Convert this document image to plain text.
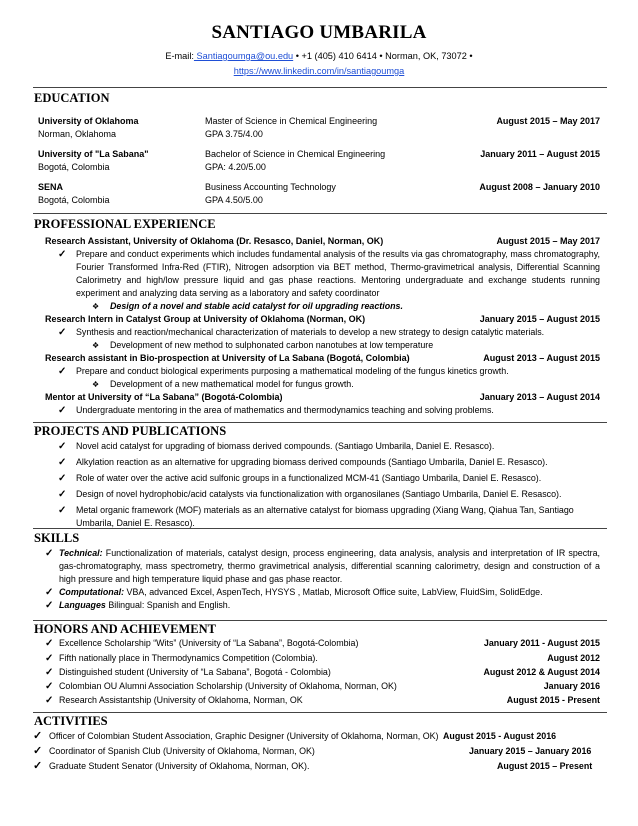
SANTIAGO UMBARILA
E-mail: Santiagoumga@ou.edu • +1 (405) 410 6414 • Norman, OK, 73072 •
https://www.linkedin.com/in/santiagoumga
EDUCATION
University of Oklahoma	Master of Science in Chemical Engineering	August 2015 – May 2017
Norman, Oklahoma	GPA 3.75/4.00
University of "La Sabana"	Bachelor of Science in Chemical Engineering	January 2011 – August 2015
Bogotá, Colombia	GPA: 4.20/5.00
SENA	Business Accounting Technology	August 2008 – January 2010
Bogotá, Colombia	GPA 4.50/5.00
PROFESSIONAL EXPERIENCE
Research Assistant, University of Oklahoma (Dr. Resasco, Daniel, Norman, OK)	August 2015 – May 2017
✓	Prepare and conduct experiments which includes fundamental analysis of the results via gas chromatography, mass chromatography, Fourier Transformed Infra-Red (FTIR), Nitrogen adsorption via BET method, Thermo-gravimetrical analysis, Differential Scanning Calorimetry and high/low pressure liquid and gas phase reactions. Mentoring undergraduate and exchange students running experiment and analyzing data serving as a laboratory and safety coordinator
❖ Design of a novel and stable acid catalyst for oil upgrading reactions.
Research Intern in Catalyst Group at University of Oklahoma (Norman, OK)	January 2015 – August 2015
✓ Synthesis and reaction/mechanical characterization of materials to develop a new strategy to design catalytic materials.
❖ Development of new method to sulphonated carbon nanotubes at low temperature
Research assistant in Bio-prospection at University of La Sabana (Bogotá, Colombia)	August 2013 – August 2015
✓ Prepare and conduct biological experiments purposing a mathematical modeling of the fungus kinetics growth.
❖ Development of a new mathematical model for fungus growth.
Mentor at University of “La Sabana” (Bogotá-Colombia)	January 2013 – August 2014
✓ Undergraduate mentoring in the area of mathematics and thermodynamics teaching and solving problems.
PROJECTS AND PUBLICATIONS
✓ Novel acid catalyst for upgrading of biomass derived compounds. (Santiago Umbarila, Daniel E. Resasco).
✓ Alkylation reaction as an alternative for upgrading biomass derived compounds (Santiago Umbarila, Daniel E. Resasco).
✓ Role of water over the active acid sulfonic groups in a functionalized MCM-41 (Santiago Umbarila, Daniel E. Resasco).
✓ Design of novel hydrophobic/acid catalysts via functionalization with organosilanes (Santiago Umbarila, Daniel E. Resasco).
✓	Metal organic framework (MOF) materials as an alternative catalyst for biomass upgrading (Xiang Wang, Qiahua Tan, Santiago Umbarila, Daniel E. Resasco).
SKILLS
✓ Technical: Functionalization of materials, catalyst design, process engineering, data analysis, analysis and interpretation of IR spectra, gas-chromatography, mass spectrometry, thermo gravimetrical analysis, differential scanning calorimetry, design and construction of a high pressure and high temperature liquid phase and gas phase reactor.
✓ Computational: VBA, advanced Excel, AspenTech, HYSYS , Matlab, Microsoft Office suite, LabView, FluidSim, SolidEdge.
✓ Languages Bilingual: Spanish and English.
HONORS AND ACHIEVEMENT
✓ Excellence Scholarship “Wits” (University of “La Sabana”, Bogotá-Colombia)	January 2011 - August 2015
✓ Fifth nationally place in Thermodynamics Competition (Colombia).	August 2012
✓ Distinguished student (University of “La Sabana”, Bogotá - Colombia)	August 2012 & August 2014
✓ Colombian OU Alumni Association Scholarship (University of Oklahoma, Norman, OK)	January 2016
✓ Research Assistantship (University of Oklahoma, Norman, OK	August 2015 - Present
ACTIVITIES
✓ Officer of Colombian Student Association, Graphic Designer (University of Oklahoma, Norman, OK) August 2015 - August 2016
✓ Coordinator of Spanish Club (University of Oklahoma, Norman, OK)	January 2015 – January 2016
✓ Graduate Student Senator (University of Oklahoma, Norman, OK).	August 2015 – Present
